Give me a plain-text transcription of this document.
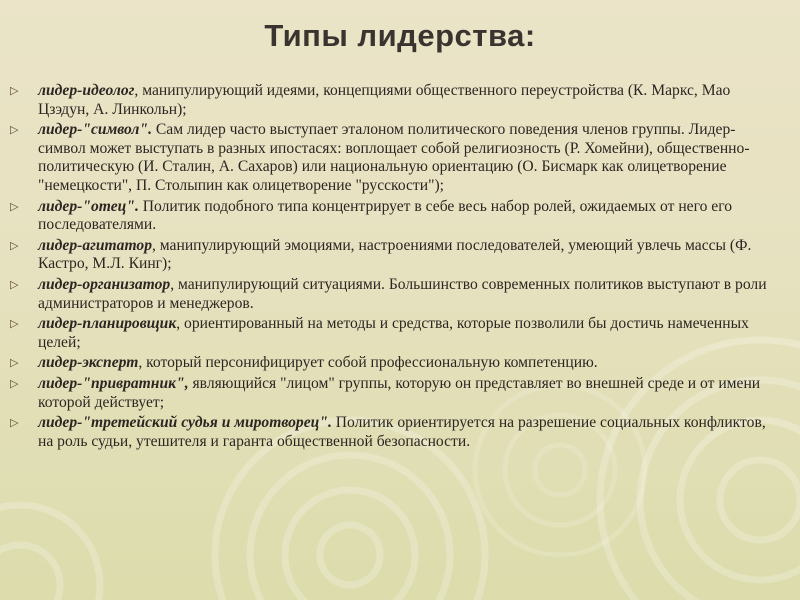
Типы лидерства:
▷ лидер-идеолог, манипулирующий идеями, концепциями общественного переустройства (К. Маркс, Мао Цзэдун, А. Линкольн);
▷ лидер-"символ". Сам лидер часто выступает эталоном политического поведения членов группы. Лидер-символ может выступать в разных ипостасях: воплощает собой религиозность (Р. Хомейни), общественно-политическую (И. Сталин, А. Сахаров) или национальную ориентацию (О. Бисмарк как олицетворение "немецкости", П. Столыпин как олицетворение "русскости");
▷ лидер-"отец". Политик подобного типа концентрирует в себе весь набор ролей, ожидаемых от него его последователями.
▷ лидер-агитатор, манипулирующий эмоциями, настроениями последователей, умеющий увлечь массы (Ф. Кастро, М.Л. Кинг);
▷ лидер-организатор, манипулирующий ситуациями. Большинство современных политиков выступают в роли администраторов и менеджеров.
▷ лидер-планировщик, ориентированный на методы и средства, которые позволили бы достичь намеченных целей;
▷ лидер-эксперт, который персонифицирует собой профессиональную компетенцию.
▷ лидер-"привратник", являющийся "лицом" группы, которую он представляет во внешней среде и от имени которой действует;
▷ лидер-"третейский судья и миротворец". Политик ориентируется на разрешение социальных конфликтов, на роль судьи, утешителя и гаранта общественной безопасности.
